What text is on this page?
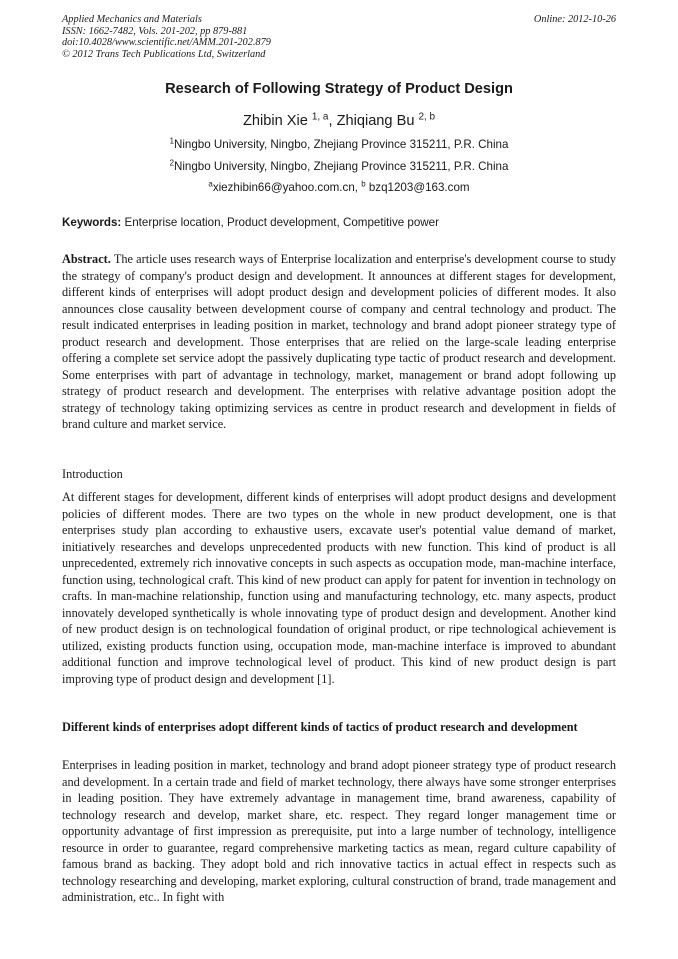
Applied Mechanics and Materials
ISSN: 1662-7482, Vols. 201-202, pp 879-881
doi:10.4028/www.scientific.net/AMM.201-202.879
© 2012 Trans Tech Publications Ltd, Switzerland
Online: 2012-10-26
Research of Following Strategy of Product Design
Zhibin Xie $^{1, a}$, Zhiqiang Bu $^{2, b}$
$^1$Ningbo University, Ningbo, Zhejiang Province 315211, P.R. China
$^2$Ningbo University, Ningbo, Zhejiang Province 315211, P.R. China
$^a$xiezhibin66@yahoo.com.cn, $^b$ bzq1203@163.com
Keywords: Enterprise location, Product development, Competitive power

Abstract. The article uses research ways of Enterprise localization and enterprise's development course to study the strategy of company's product design and development. It announces at different stages for development, different kinds of enterprises will adopt product design and development policies of different modes. It also announces close causality between development course of company and central technology and product. The result indicated enterprises in leading position in market, technology and brand adopt pioneer strategy type of product research and development. Those enterprises that are relied on the large-scale leading enterprise offering a complete set service adopt the passively duplicating type tactic of product research and development. Some enterprises with part of advantage in technology, market, management or brand adopt following up strategy of product research and development. The enterprises with relative advantage position adopt the strategy of technology taking optimizing services as centre in product research and development in fields of brand culture and market service.

Introduction

At different stages for development, different kinds of enterprises will adopt product designs and development policies of different modes. There are two types on the whole in new product development, one is that enterprises study plan according to exhaustive users, excavate user's potential value demand of market, initiatively researches and develops unprecedented products with new function. This kind of product is all unprecedented, extremely rich innovative concepts in such aspects as occupation mode, man-machine interface, function using, technological craft. This kind of new product can apply for patent for invention in technology on crafts. In man-machine relationship, function using and manufacturing technology, etc. many aspects, product innovately developed synthetically is whole innovating type of product design and development. Another kind of new product design is on technological foundation of original product, or ripe technological achievement is utilized, existing products function using, occupation mode, man-machine interface is improved to abundant additional function and improve technological level of product. This kind of new product design is part improving type of product design and development [1].

Different kinds of enterprises adopt different kinds of tactics of product research and development

Enterprises in leading position in market, technology and brand adopt pioneer strategy type of product research and development. In a certain trade and field of market technology, there always have some stronger enterprises in leading position. They have extremely advantage in management time, brand awareness, capability of technology research and develop, market share, etc. respect. They regard longer management time or opportunity advantage of first impression as prerequisite, put into a large number of technology, intelligence resource in order to guarantee, regard comprehensive marketing tactics as mean, regard culture capability of famous brand as backing. They adopt bold and rich innovative tactics in actual effect in respects such as technology researching and developing, market exploring, cultural construction of brand, trade management and administration, etc.. In fight with
